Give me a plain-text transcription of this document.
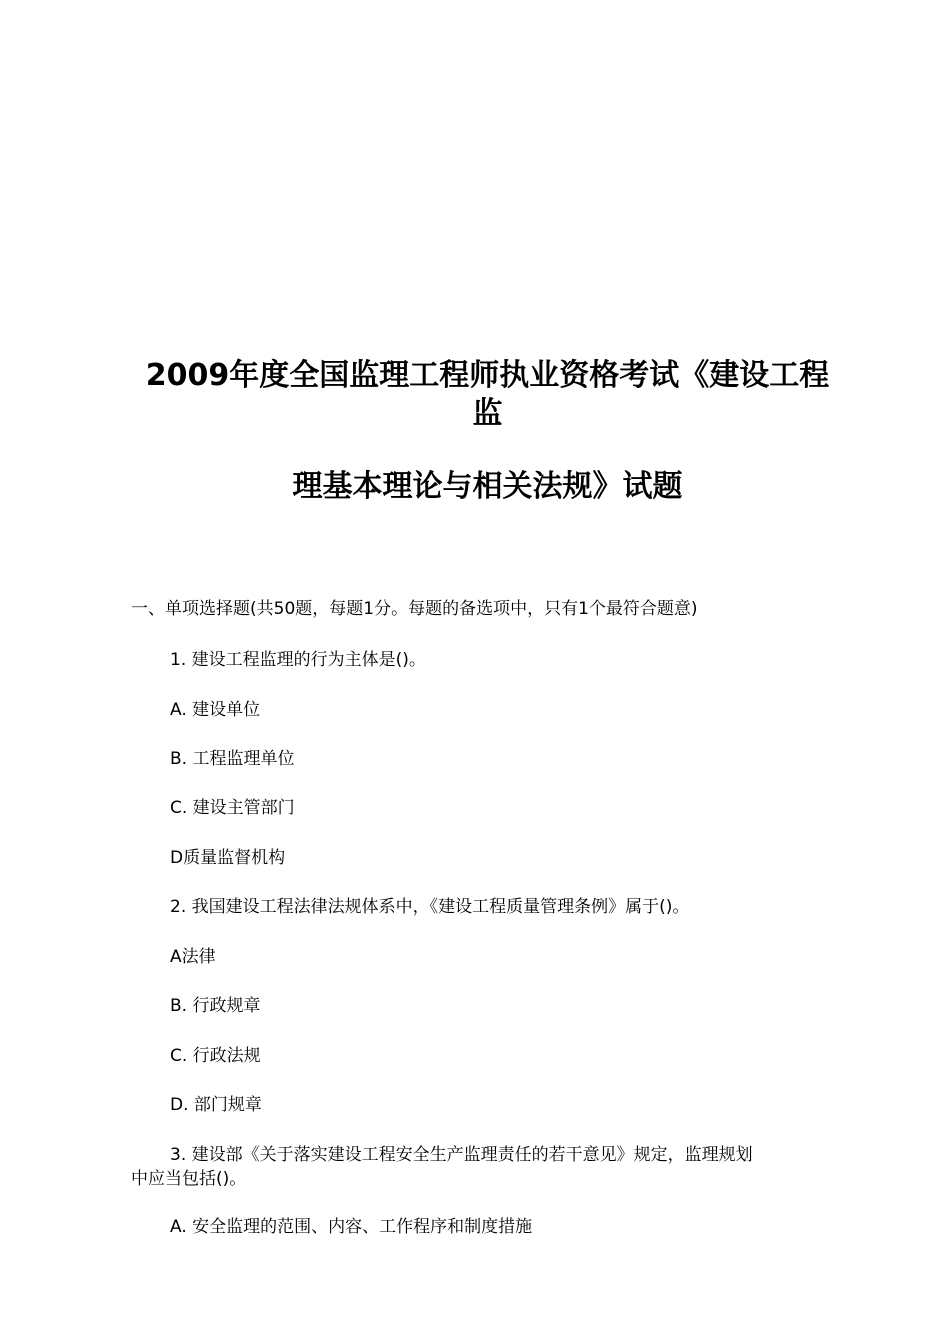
2009年度全国监理工程师执业资格考试《建设工程
监
理基本理论与相关法规》试题
一、单项选择题(共50题，每题1分。每题的备选项中，只有1个最符合题意)
1. 建设工程监理的行为主体是()。
A. 建设单位
B. 工程监理单位
C. 建设主管部门
D质量监督机构
2. 我国建设工程法律法规体系中，《建设工程质量管理条例》属于()。
A法律
B. 行政规章
C. 行政法规
D. 部门规章
3. 建设部《关于落实建设工程安全生产监理责任的若干意见》规定，监理规划
中应当包括()。
A. 安全监理的范围、内容、工作程序和制度措施
